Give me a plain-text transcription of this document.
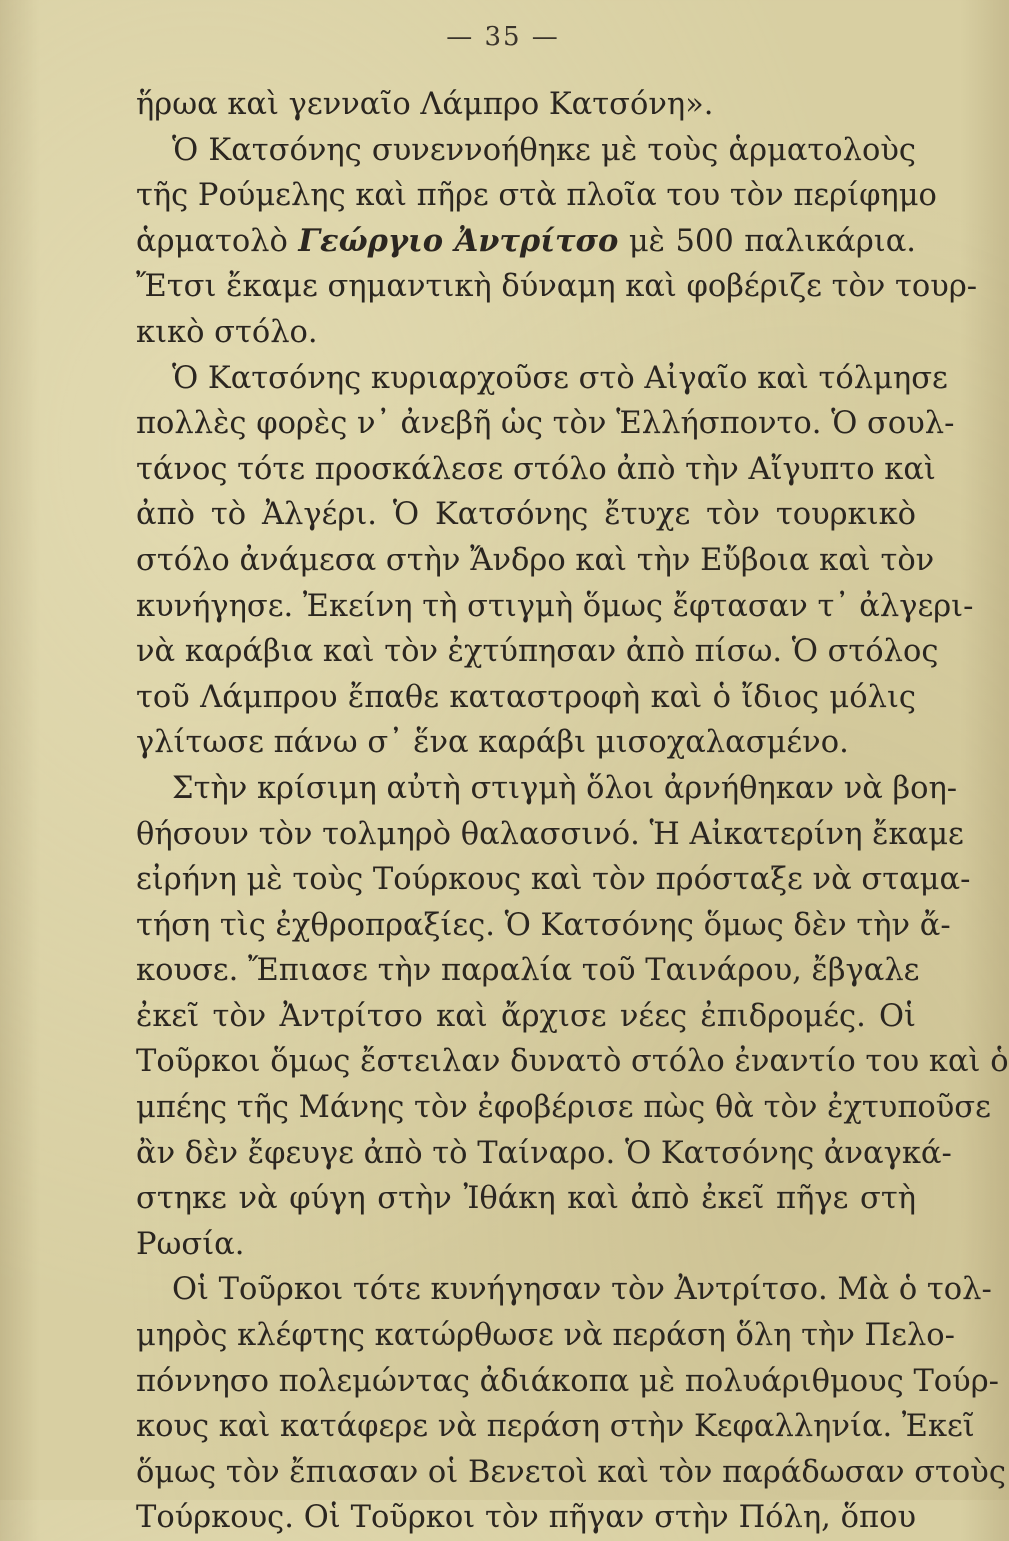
— 35 —
ἥρωα καὶ γενναῖο Λάμπρο Κατσόνη».
Ὁ Κατσόνης συνεννοήθηκε μὲ τοὺς ἁρματολοὺς
τῆς Ρούμελης καὶ πῆρε στὰ πλοῖα του τὸν περίφημο
ἁρματολὸ Γεώργιο Ἀντρίτσο μὲ 500 παλικάρια.
Ἔτσι ἔκαμε σημαντικὴ δύναμη καὶ φοβέριζε τὸν τουρ-
κικὸ στόλο.
Ὁ Κατσόνης κυριαρχοῦσε στὸ Αἰγαῖο καὶ τόλμησε
πολλὲς φορὲς ν᾽ ἀνεβῆ ὡς τὸν Ἑλλήσποντο. Ὁ σουλ-
τάνος τότε προσκάλεσε στόλο ἀπὸ τὴν Αἴγυπτο καὶ
ἀπὸ τὸ Ἀλγέρι. Ὁ Κατσόνης ἔτυχε τὸν τουρκικὸ
στόλο ἀνάμεσα στὴν Ἄνδρο καὶ τὴν Εὔβοια καὶ τὸν
κυνήγησε. Ἐκείνη τὴ στιγμὴ ὅμως ἔφτασαν τ᾽ ἀλγερι-
νὰ καράβια καὶ τὸν ἐχτύπησαν ἀπὸ πίσω. Ὁ στόλος
τοῦ Λάμπρου ἔπαθε καταστροφὴ καὶ ὁ ἴδιος μόλις
γλίτωσε πάνω σ᾽ ἕνα καράβι μισοχαλασμένο.
Στὴν κρίσιμη αὐτὴ στιγμὴ ὅλοι ἀρνήθηκαν νὰ βοη-
θήσουν τὸν τολμηρὸ θαλασσινό. Ἡ Αἰκατερίνη ἔκαμε
εἰρήνη μὲ τοὺς Τούρκους καὶ τὸν πρόσταξε νὰ σταμα-
τήση τὶς ἐχθροπραξίες. Ὁ Κατσόνης ὅμως δὲν τὴν ἄ-
κουσε. Ἔπιασε τὴν παραλία τοῦ Ταινάρου, ἔβγαλε
ἐκεῖ τὸν Ἀντρίτσο καὶ ἄρχισε νέες ἐπιδρομές. Οἱ
Τοῦρκοι ὅμως ἔστειλαν δυνατὸ στόλο ἐναντίο του καὶ ὁ
μπέης τῆς Μάνης τὸν ἐφοβέρισε πὼς θὰ τὸν ἐχτυποῦσε
ἂν δὲν ἔφευγε ἀπὸ τὸ Ταίναρο. Ὁ Κατσόνης ἀναγκά-
στηκε νὰ φύγη στὴν Ἰθάκη καὶ ἀπὸ ἐκεῖ πῆγε στὴ
Ρωσία.
Οἱ Τοῦρκοι τότε κυνήγησαν τὸν Ἀντρίτσο. Μὰ ὁ τολ-
μηρὸς κλέφτης κατώρθωσε νὰ περάση ὅλη τὴν Πελο-
πόννησο πολεμώντας ἀδιάκοπα μὲ πολυάριθμους Τούρ-
κους καὶ κατάφερε νὰ περάση στὴν Κεφαλληνία. Ἐκεῖ
ὅμως τὸν ἔπιασαν οἱ Βενετοὶ καὶ τὸν παράδωσαν στοὺς
Τούρκους. Οἱ Τοῦρκοι τὸν πῆγαν στὴν Πόλη, ὅπου
